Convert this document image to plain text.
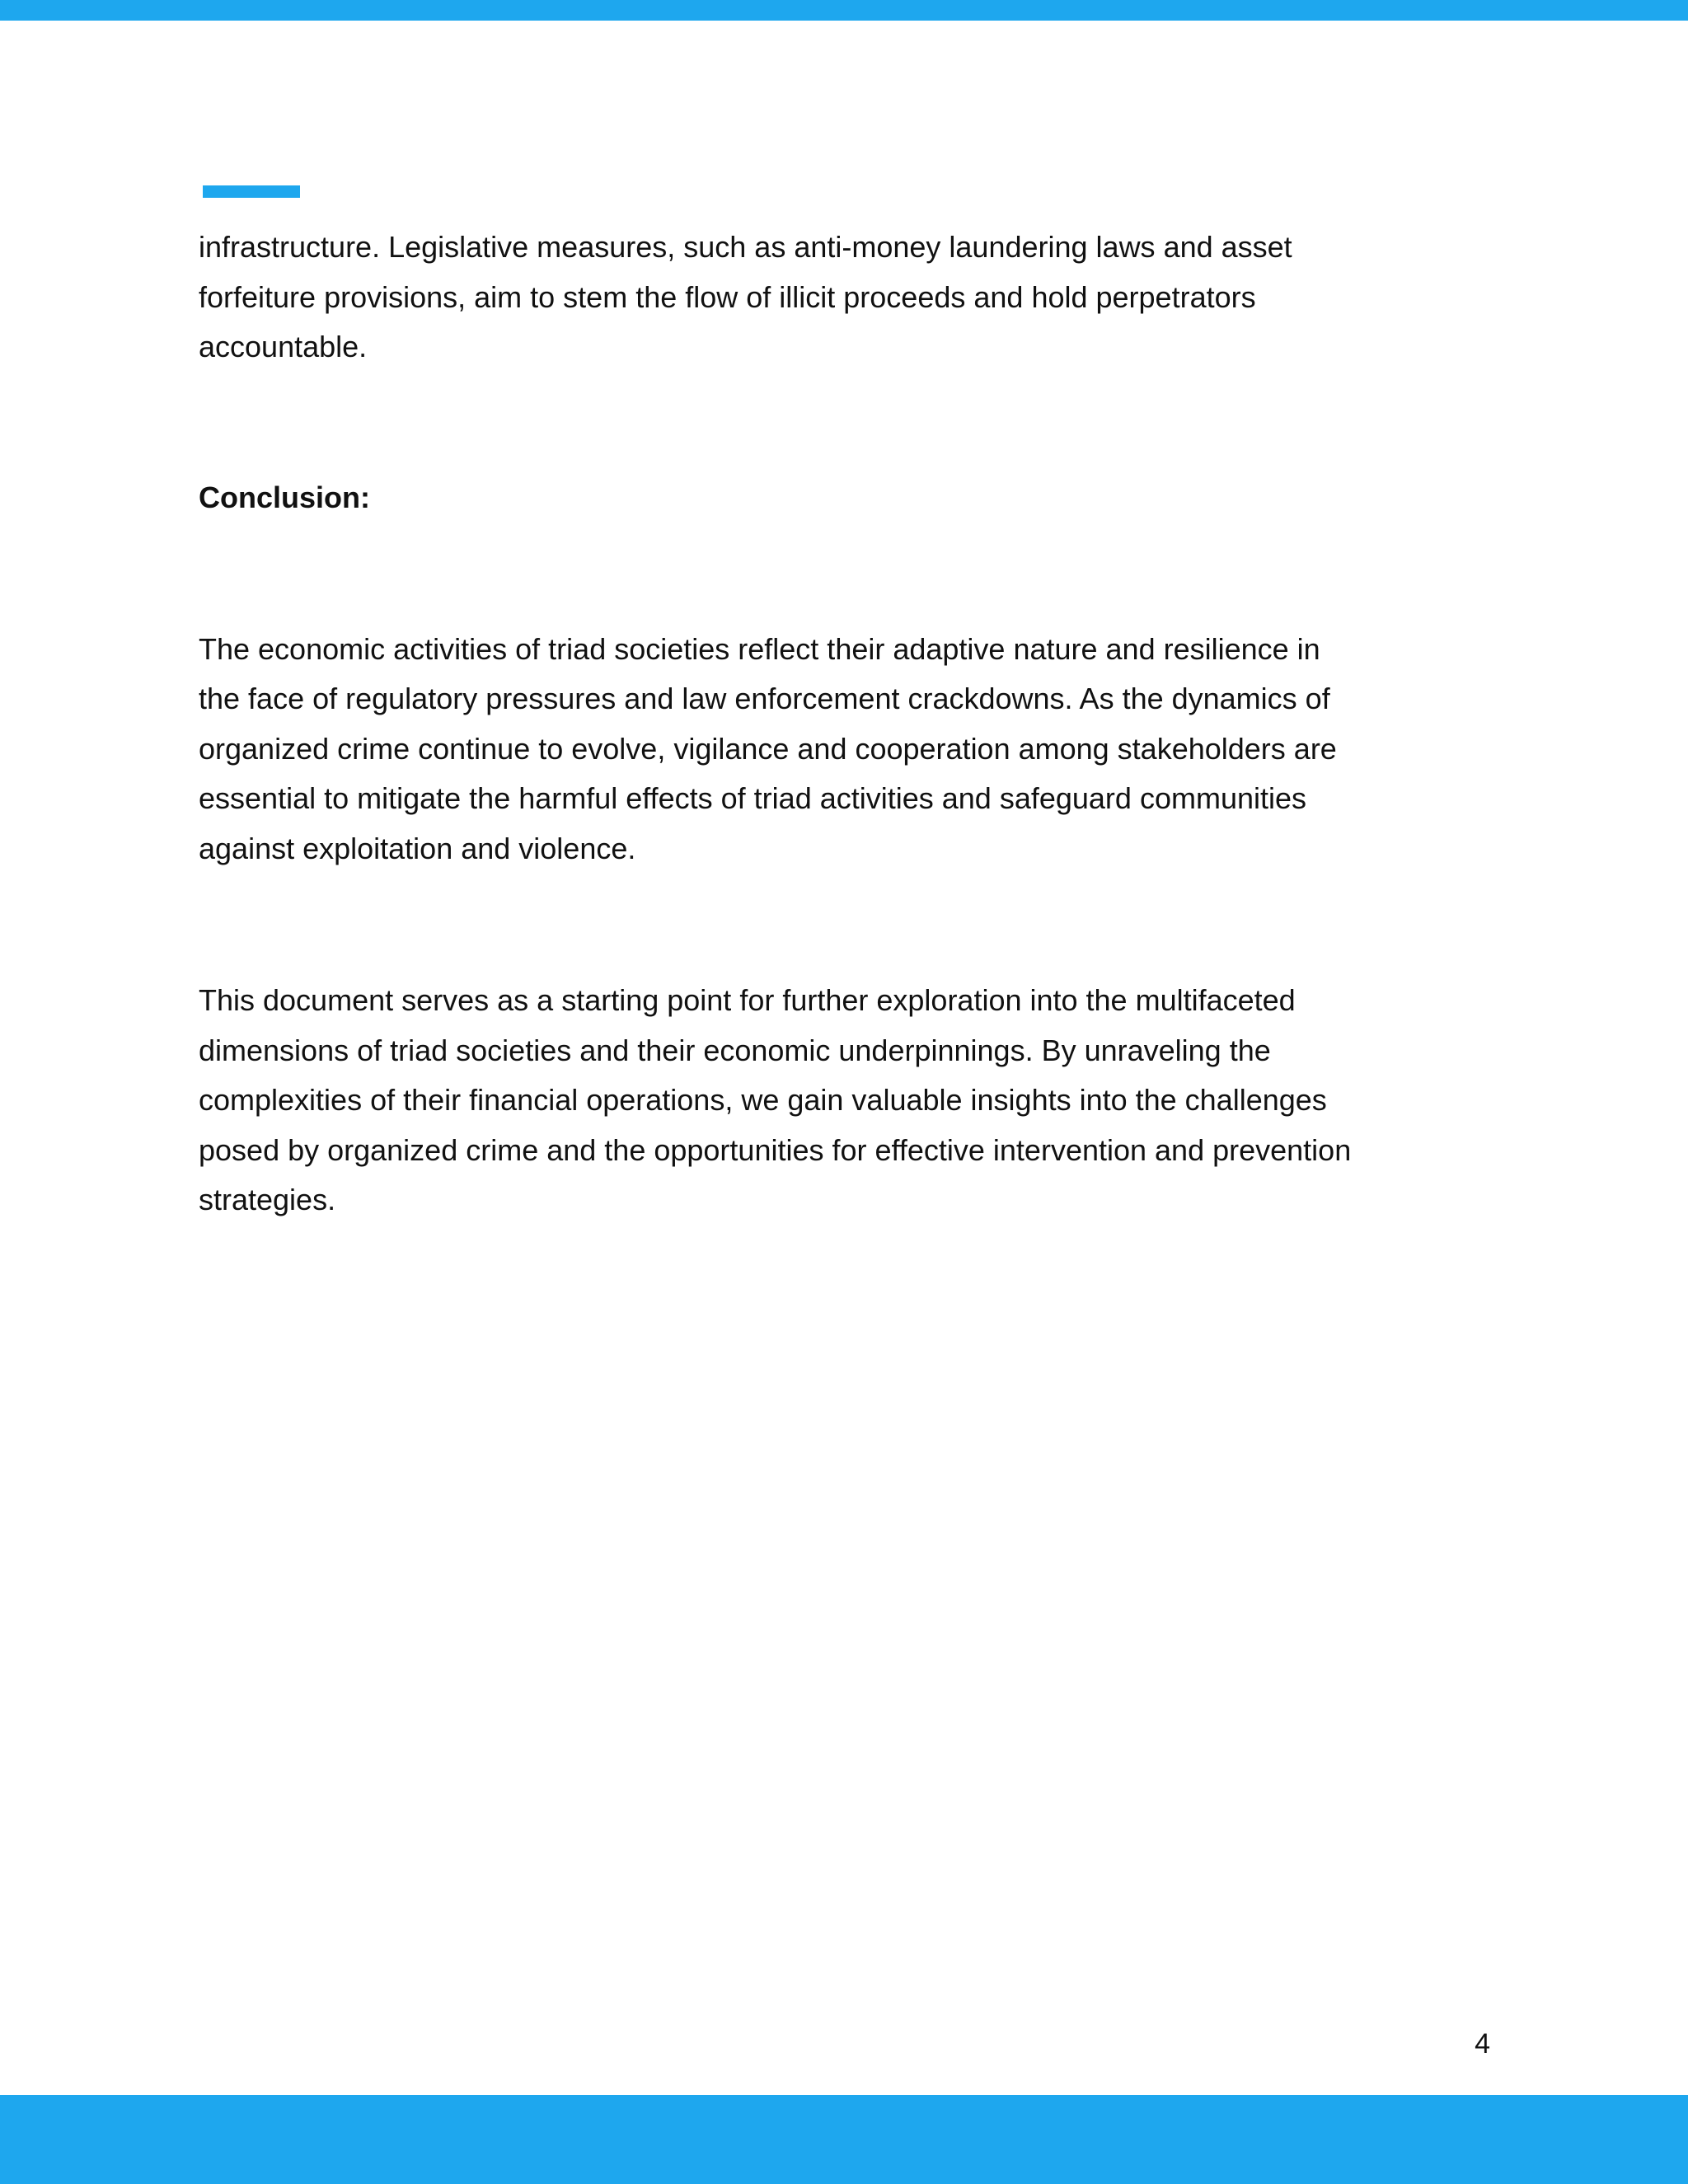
infrastructure. Legislative measures, such as anti-money laundering laws and asset
forfeiture provisions, aim to stem the flow of illicit proceeds and hold perpetrators
accountable.

Conclusion:

The economic activities of triad societies reflect their adaptive nature and resilience in
the face of regulatory pressures and law enforcement crackdowns. As the dynamics of
organized crime continue to evolve, vigilance and cooperation among stakeholders are
essential to mitigate the harmful effects of triad activities and safeguard communities
against exploitation and violence.

This document serves as a starting point for further exploration into the multifaceted
dimensions of triad societies and their economic underpinnings. By unraveling the
complexities of their financial operations, we gain valuable insights into the challenges
posed by organized crime and the opportunities for effective intervention and prevention
strategies.

4
